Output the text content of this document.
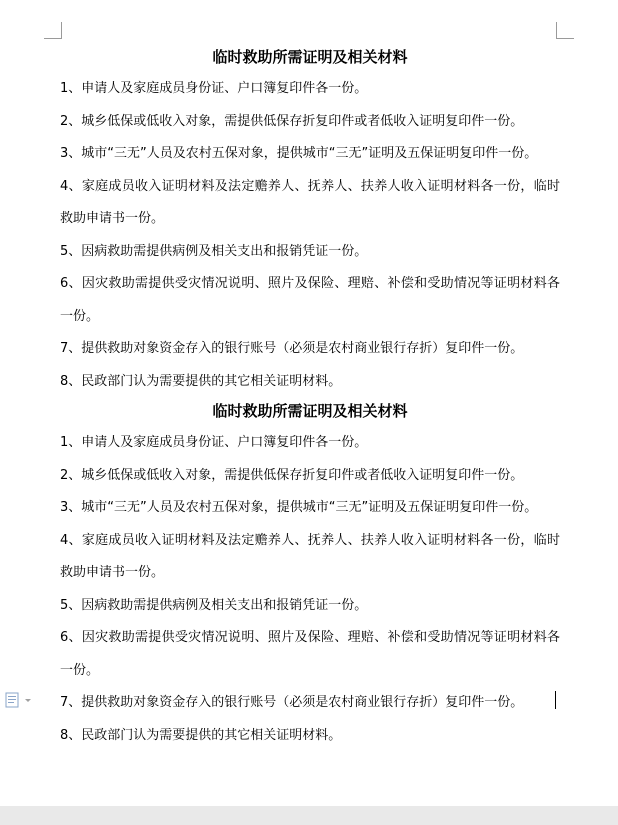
临时救助所需证明及相关材料
1、申请人及家庭成员身份证、户口簿复印件各一份。
2、城乡低保或低收入对象，需提供低保存折复印件或者低收入证明复印件一份。
3、城市“三无”人员及农村五保对象，提供城市“三无”证明及五保证明复印件一份。
4、家庭成员收入证明材料及法定赡养人、抚养人、扶养人收入证明材料各一份，临时救助申请书一份。
5、因病救助需提供病例及相关支出和报销凭证一份。
6、因灾救助需提供受灾情况说明、照片及保险、理赔、补偿和受助情况等证明材料各一份。
7、提供救助对象资金存入的银行账号（必须是农村商业银行存折）复印件一份。
8、民政部门认为需要提供的其它相关证明材料。
临时救助所需证明及相关材料
1、申请人及家庭成员身份证、户口簿复印件各一份。
2、城乡低保或低收入对象，需提供低保存折复印件或者低收入证明复印件一份。
3、城市“三无”人员及农村五保对象，提供城市“三无”证明及五保证明复印件一份。
4、家庭成员收入证明材料及法定赡养人、抚养人、扶养人收入证明材料各一份，临时救助申请书一份。
5、因病救助需提供病例及相关支出和报销凭证一份。
6、因灾救助需提供受灾情况说明、照片及保险、理赔、补偿和受助情况等证明材料各一份。
7、提供救助对象资金存入的银行账号（必须是农村商业银行存折）复印件一份。
8、民政部门认为需要提供的其它相关证明材料。
